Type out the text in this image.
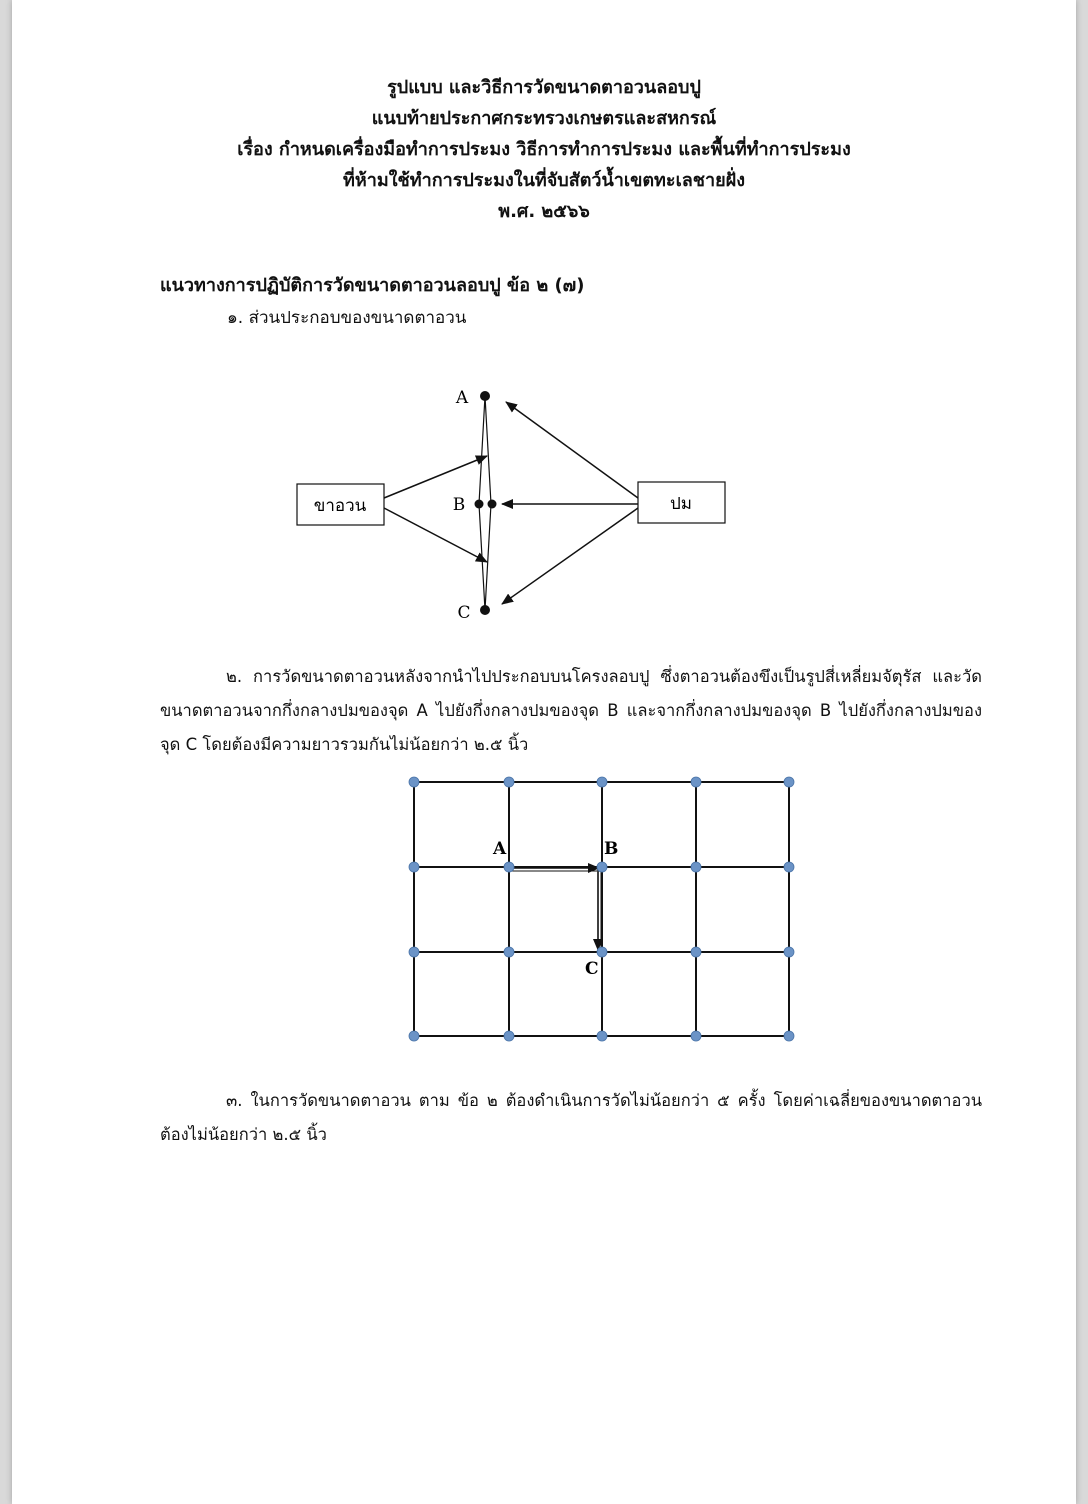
รูปแบบ และวิธีการวัดขนาดตาอวนลอบปู

แนบท้ายประกาศกระทรวงเกษตรและสหกรณ์

เรื่อง กำหนดเครื่องมือทำการประมง วิธีการทำการประมง และพื้นที่ทำการประมง

ที่ห้ามใช้ทำการประมงในที่จับสัตว์น้ำเขตทะเลชายฝั่ง

พ.ศ. ๒๕๖๖

แนวทางการปฏิบัติการวัดขนาดตาอวนลอบปู ข้อ ๒ (๗)

๑. ส่วนประกอบของขนาดตาอวน

ขาอวน	ปม
A
B
C

๒. การวัดขนาดตาอวนหลังจากนำไปประกอบบนโครงลอบปู ซึ่งตาอวนต้องขึงเป็นรูปสี่เหลี่ยมจัตุรัส และวัดขนาดตาอวนจากกึ่งกลางปมของจุด A ไปยังกึ่งกลางปมของจุด B และจากกึ่งกลางปมของจุด B ไปยังกึ่งกลางปมของจุด C โดยต้องมีความยาวรวมกันไม่น้อยกว่า ๒.๕ นิ้ว

A	B
C

๓. ในการวัดขนาดตาอวน ตาม ข้อ ๒ ต้องดำเนินการวัดไม่น้อยกว่า ๕ ครั้ง โดยค่าเฉลี่ยของขนาดตาอวนต้องไม่น้อยกว่า ๒.๕ นิ้ว
